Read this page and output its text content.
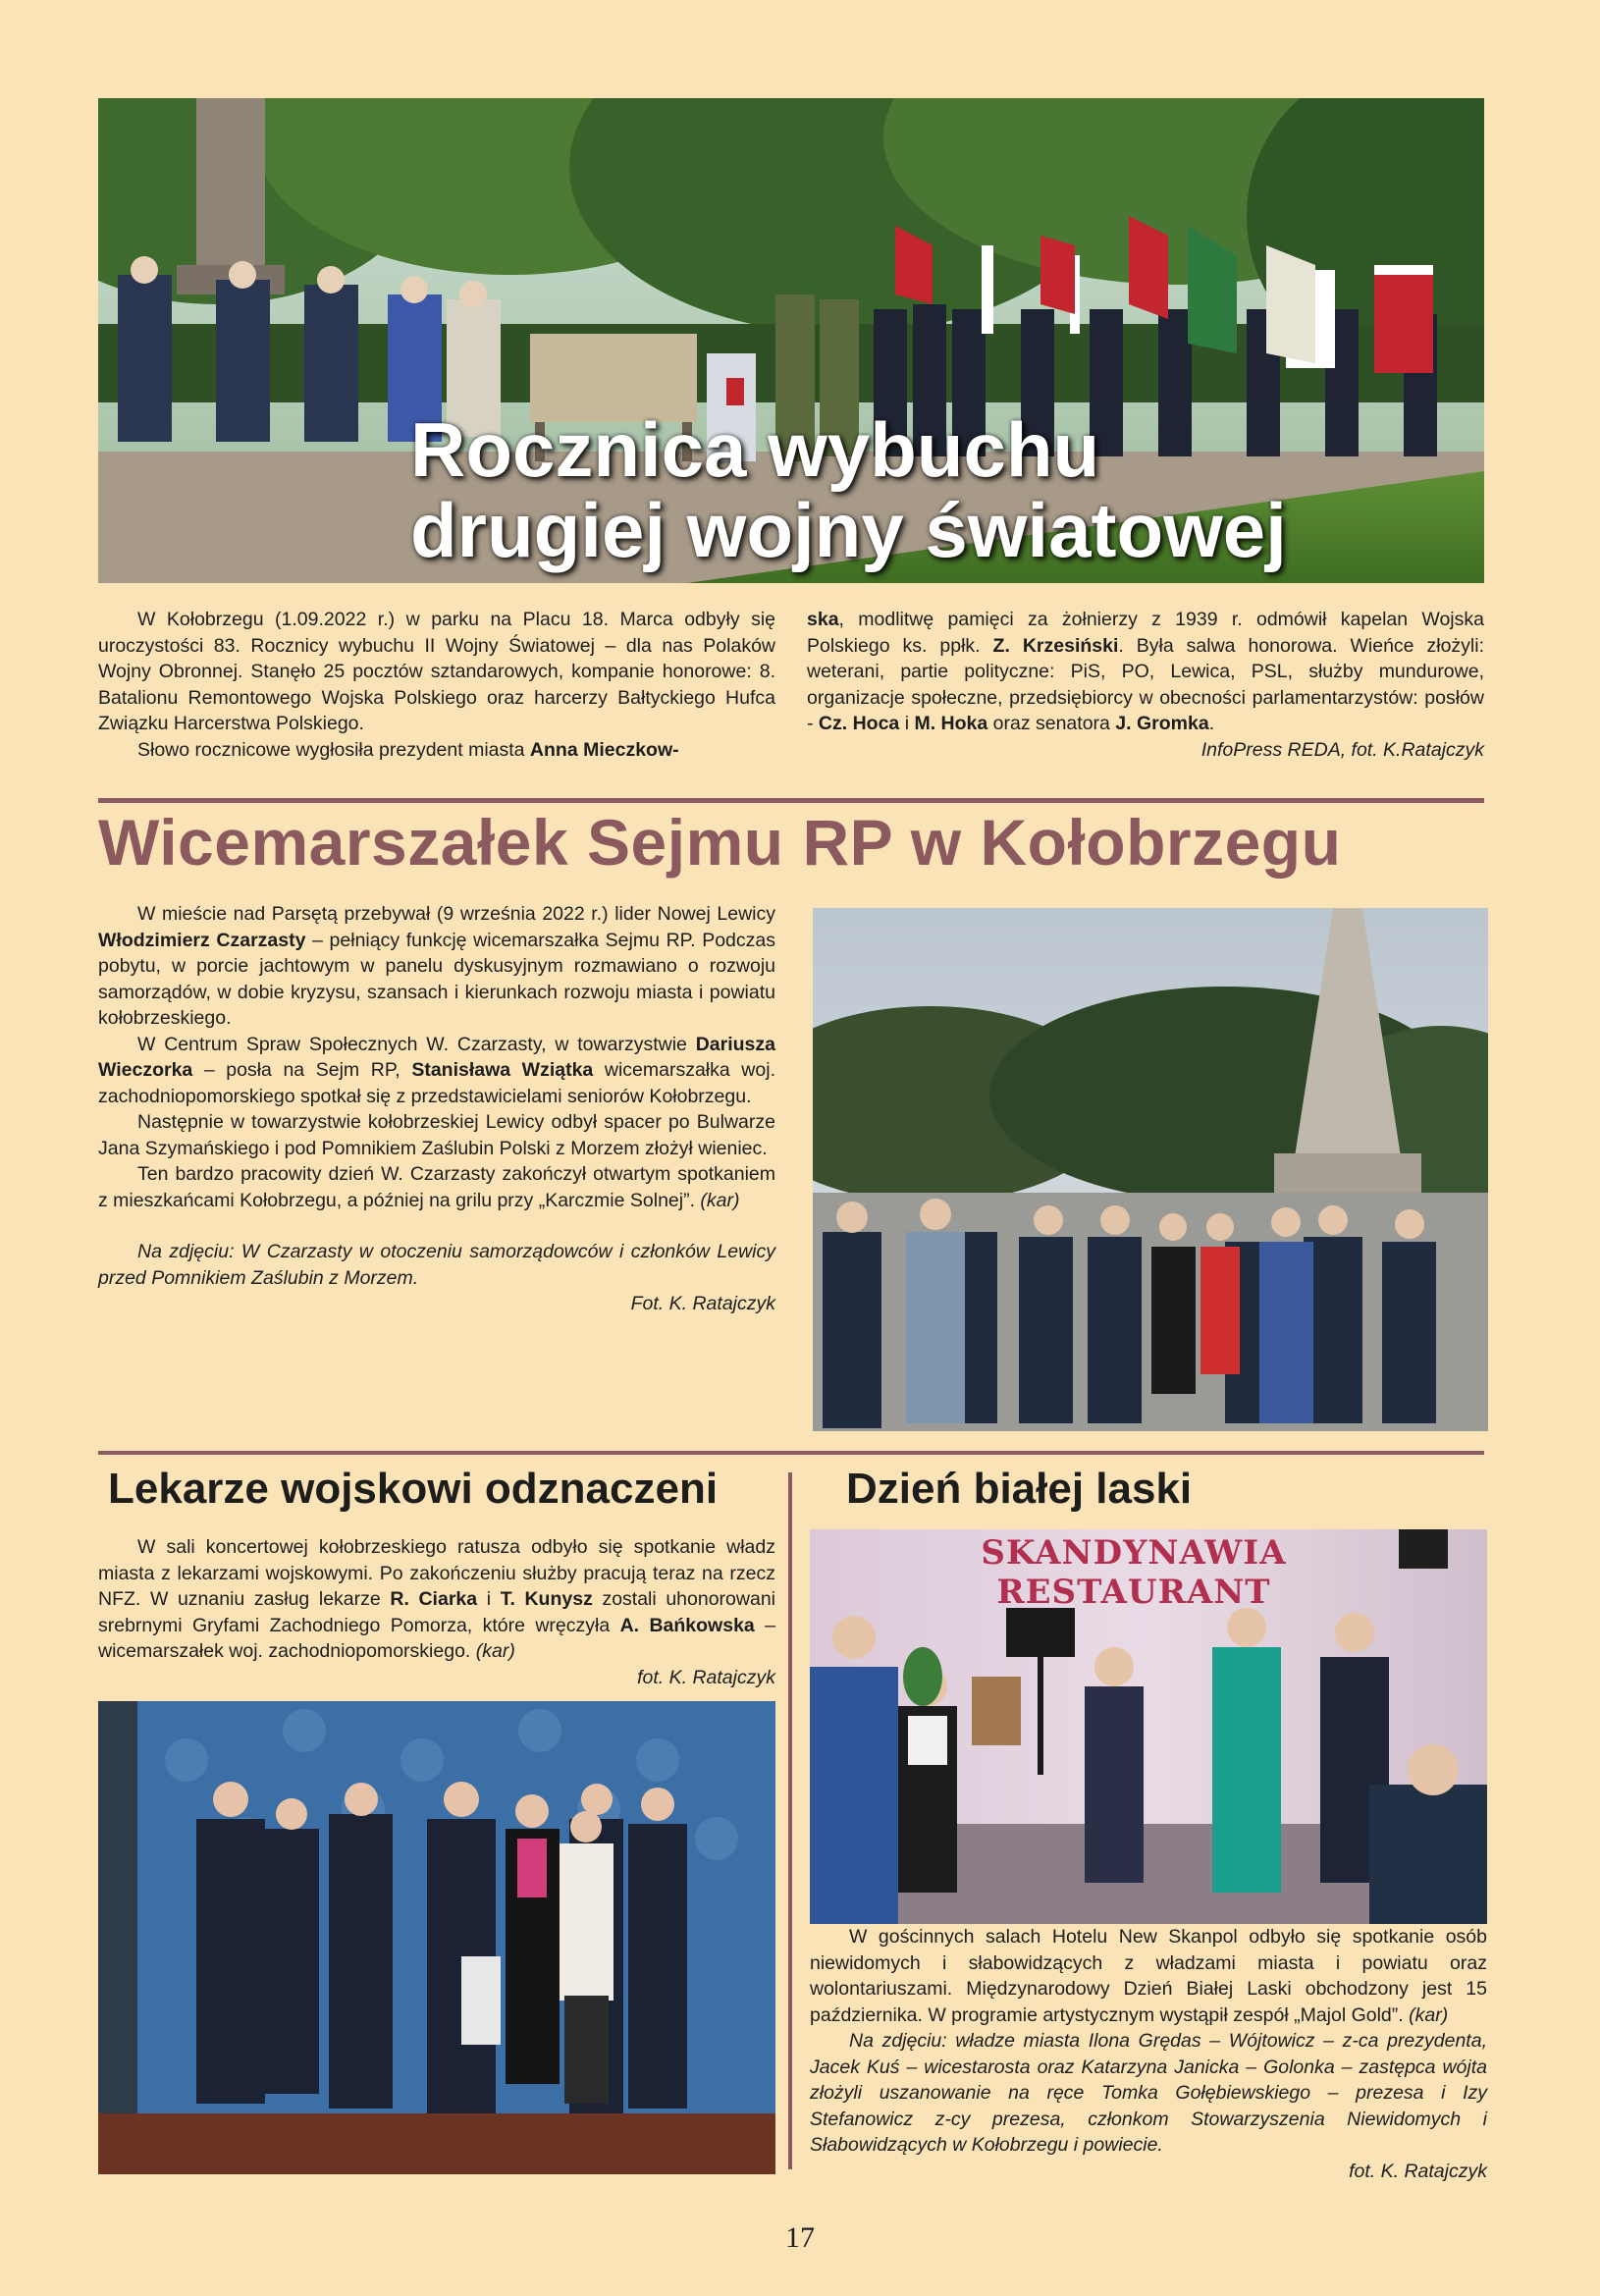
Rocznica wybuchu
drugiej wojny światowej

W Kołobrzegu (1.09.2022 r.) w parku na Placu 18. Marca odbyły się uroczystości 83. Rocznicy wybuchu II Wojny Światowej – dla nas Polaków Wojny Obronnej. Stanęło 25 pocztów sztandarowych, kompanie honorowe: 8. Batalionu Remontowego Wojska Polskiego oraz harcerzy Bałtyckiego Hufca Związku Harcerstwa Polskiego.

Słowo rocznicowe wygłosiła prezydent miasta Anna Mieczkow-

ska, modlitwę pamięci za żołnierzy z 1939 r. odmówił kapelan Wojska Polskiego ks. ppłk. Z. Krzesiński. Była salwa honorowa. Wieńce złożyli: weterani, partie polityczne: PiS, PO, Lewica, PSL, służby mundurowe, organizacje społeczne, przedsiębiorcy w obecności parlamentarzystów: posłów - Cz. Hoca i M. Hoka oraz senatora J. Gromka.

InfoPress REDA, fot. K.Ratajczyk

Wicemarszałek Sejmu RP w Kołobrzegu

W mieście nad Parsętą przebywał (9 września 2022 r.) lider Nowej Lewicy Włodzimierz Czarzasty – pełniący funkcję wicemarszałka Sejmu RP. Podczas pobytu, w porcie jachtowym w panelu dyskusyjnym rozmawiano o rozwoju samorządów, w dobie kryzysu, szansach i kierunkach rozwoju miasta i powiatu kołobrzeskiego.

W Centrum Spraw Społecznych W. Czarzasty, w towarzystwie Dariusza Wieczorka – posła na Sejm RP, Stanisława Wziątka wicemarszałka woj. zachodniopomorskiego spotkał się z przedstawicielami seniorów Kołobrzegu.

Następnie w towarzystwie kołobrzeskiej Lewicy odbył spacer po Bulwarze Jana Szymańskiego i pod Pomnikiem Zaślubin Polski z Morzem złożył wieniec.

Ten bardzo pracowity dzień W. Czarzasty zakończył otwartym spotkaniem z mieszkańcami Kołobrzegu, a później na grilu przy „Karczmie Solnej”. (kar)

Na zdjęciu: W Czarzasty w otoczeniu samorządowców i członków Lewicy przed Pomnikiem Zaślubin z Morzem.

Fot. K. Ratajczyk

Lekarze wojskowi odznaczeni

W sali koncertowej kołobrzeskiego ratusza odbyło się spotkanie władz miasta z lekarzami wojskowymi. Po zakończeniu służby pracują teraz na rzecz NFZ. W uznaniu zasług lekarze R. Ciarka i T. Kunysz zostali uhonorowani srebrnymi Gryfami Zachodniego Pomorza, które wręczyła A. Bańkowska – wicemarszałek woj. zachodniopomorskiego. (kar)

fot. K. Ratajczyk

Dzień białej laski
SKANDYNAWIA
RESTAURANT

W gościnnych salach Hotelu New Skanpol odbyło się spotkanie osób niewidomych i słabowidzących z władzami miasta i powiatu oraz wolontariuszami. Międzynarodowy Dzień Białej Laski obchodzony jest 15 października. W programie artystycznym wystąpił zespół „Majol Gold”. (kar)

Na zdjęciu: władze miasta Ilona Grędas – Wójtowicz – z-ca prezydenta, Jacek Kuś – wicestarosta oraz Katarzyna Janicka – Golonka – zastępca wójta złożyli uszanowanie na ręce Tomka Gołębiewskiego – prezesa i Izy Stefanowicz z-cy prezesa, członkom Stowarzyszenia Niewidomych i Słabowidzących w Kołobrzegu i powiecie.

fot. K. Ratajczyk

17
